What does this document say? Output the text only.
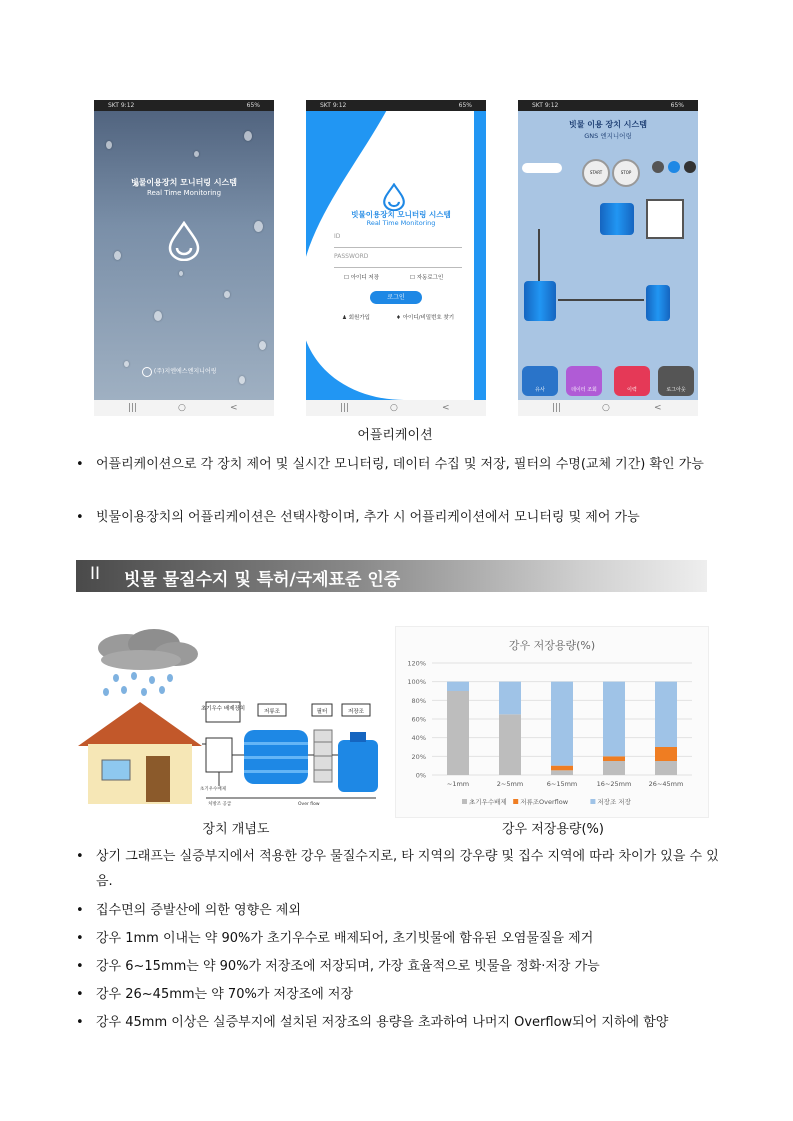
SKT 9:12	65%
빗물이용장치 모니터링 시스템
Real Time Monitoring
(주)지엔에스엔지니어링
|||	○	<
SKT 9:12	65%
빗물이용장치 모니터링 시스템
Real Time Monitoring
ID
PASSWORD
☐ 아이디 저장	☐ 자동로그인
로그인
♟ 회원가입	♦ 아이디/비밀번호 찾기
|||	○	<
SKT 9:12	65%
빗물 이용 장치 시스템
GNS 엔지니어링
START	STOP
유사	데이터 조회	이력	로그아웃
|||	○	<
어플리케이션
• 어플리케이션으로 각 장치 제어 및 실시간 모니터링, 데이터 수집 및 저장, 필터의 수명(교체 기간) 확인 가능
• 빗물이용장치의 어플리케이션은 선택사항이며, 추가 시 어플리케이션에서 모니터링 및 제어 가능
II 빗물 물질수지 및 특허/국제표준 인증
초기우수 배제장치	저류조	필터	저장조
초기우수배제
Over flow
처방조 공급
장치 개념도
강우 저장용량(%)
0%
20%
40%
60%
80%
100%
120%
~1mm	2~5mm	6~15mm	16~25mm	26~45mm
초기우수배제 저류조Overflow	저장조 저장
강우 저장용량(%)
• 상기 그래프는 실증부지에서 적용한 강우 물질수지로, 타 지역의 강우량 및 집수 지역에 따라 차이가 있을 수 있음.
• 집수면의 증발산에 의한 영향은 제외
• 강우 1mm 이내는 약 90%가 초기우수로 배제되어, 초기빗물에 함유된 오염물질을 제거
• 강우 6~15mm는 약 90%가 저장조에 저장되며, 가장 효율적으로 빗물을 정화·저장 가능
• 강우 26~45mm는 약 70%가 저장조에 저장
• 강우 45mm 이상은 실증부지에 설치된 저장조의 용량을 초과하여 나머지 Overflow되어 지하에 함양
